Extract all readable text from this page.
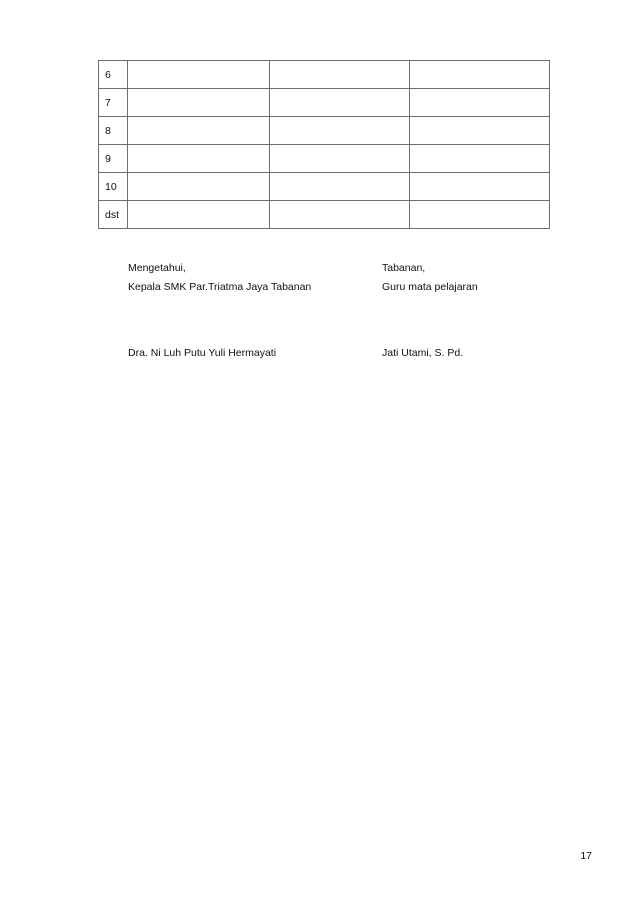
6			
7			
8			
9			
10			
dst			
Mengetahui,
Kepala SMK Par.Triatma Jaya Tabanan
Dra. Ni Luh Putu Yuli Hermayati
Tabanan,
Guru mata pelajaran
Jati Utami, S. Pd.
17
